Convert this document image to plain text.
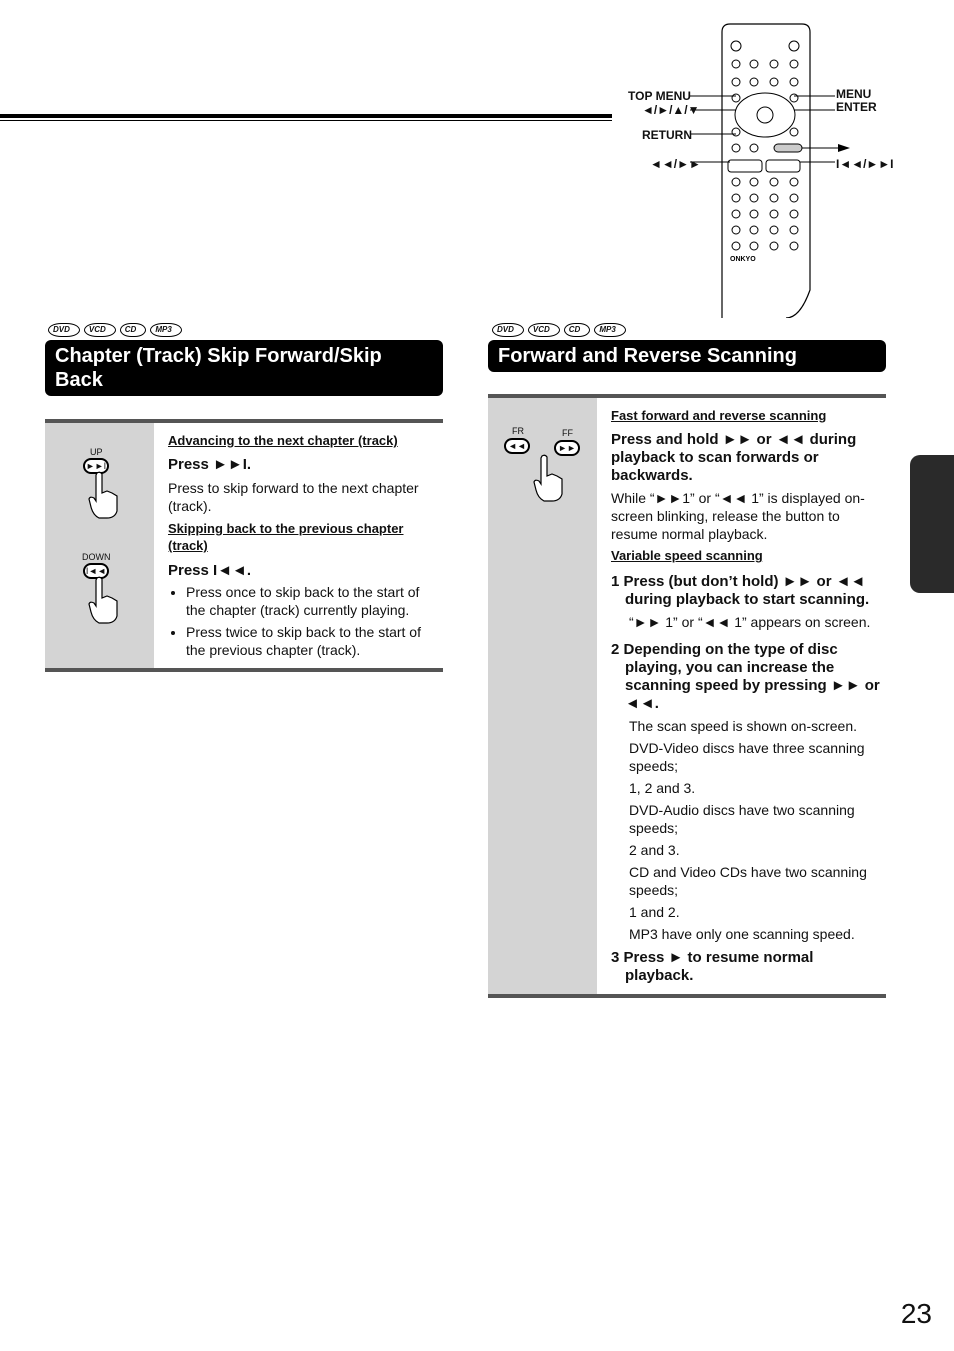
ONKYO
TOP MENU
◄/►/▲/▼
RETURN
MENU
ENTER
◄◄/►►	I◄◄/►►I
DVD	VCD	CD	MP3
Chapter (Track) Skip Forward/Skip Back
UP
►►I
DOWN
I◄◄
Advancing to the next chapter (track)
Press ►►I.
Press to skip forward to the next chapter (track).
Skipping back to the previous chapter (track)
Press I◄◄.
• Press once to skip back to the start of the chapter (track) currently playing.
• Press twice to skip back to the start of the previous chapter (track).
DVD	VCD	CD	MP3
Forward and Reverse Scanning
FR	FF
◄◄	►►
Fast forward and reverse scanning
Press and hold ►► or ◄◄ during playback to scan forwards or backwards.
While “►►1” or “◄◄ 1” is displayed on-screen blinking, release the button to resume normal playback.
Variable speed scanning
1 Press (but don’t hold) ►► or ◄◄ during playback to start scanning.
“►► 1” or “◄◄ 1” appears on screen.
2 Depending on the type of disc playing, you can increase the scanning speed by pressing ►► or ◄◄.
The scan speed is shown on-screen.
DVD-Video discs have three scanning speeds;
1, 2 and 3.
DVD-Audio discs have two scanning speeds;
2 and 3.
CD and Video CDs have two scanning speeds;
1 and 2.
MP3 have only one scanning speed.
3 Press ► to resume normal playback.
23
